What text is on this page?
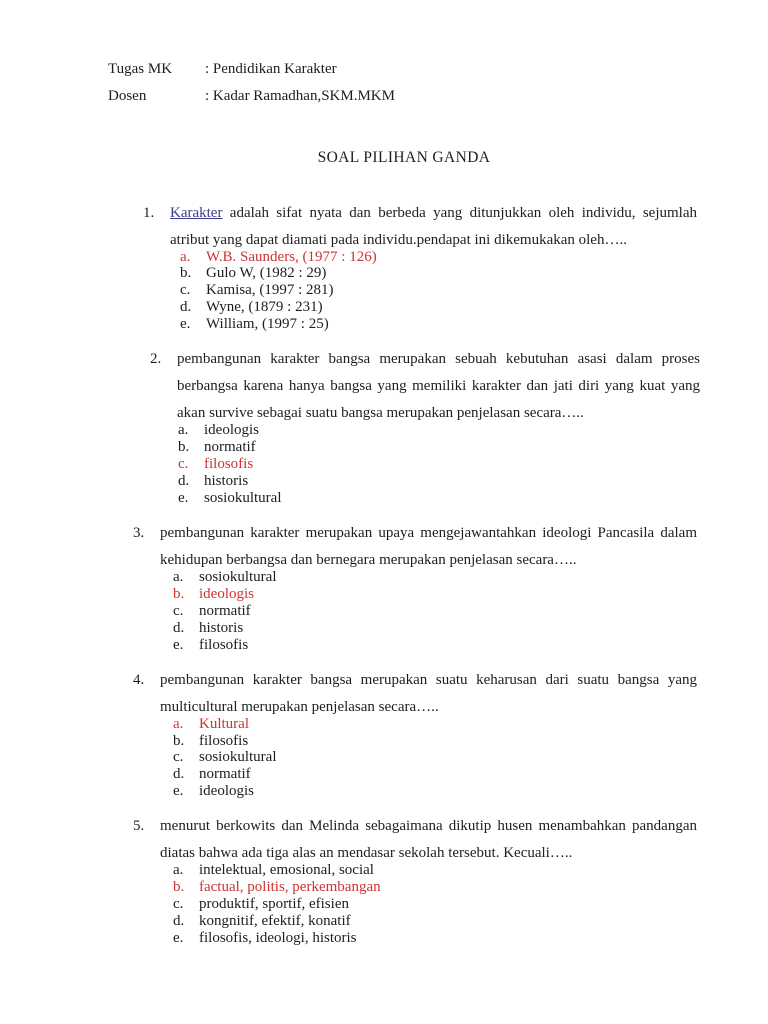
Tugas MK	: Pendidikan Karakter
Dosen	: Kadar Ramadhan,SKM.MKM
SOAL PILIHAN GANDA
1.	Karakter adalah sifat nyata dan berbeda yang ditunjukkan oleh individu, sejumlah atribut yang dapat diamati pada individu.pendapat ini dikemukakan oleh…..

a.	W.B. Saunders, (1977 : 126)
b. Gulo W, (1982 : 29)
c.	Kamisa, (1997 : 281)
d. Wyne, (1879 : 231)
e.	William, (1997 : 25)
2.	pembangunan karakter bangsa merupakan sebuah kebutuhan asasi dalam proses berbangsa karena hanya bangsa yang memiliki karakter dan jati diri yang kuat yang akan survive sebagai suatu bangsa merupakan penjelasan secara…..

a.	ideologis
b. normatif
c.	filosofis
d. historis
e.	sosiokultural
3.	pembangunan karakter merupakan upaya mengejawantahkan ideologi Pancasila dalam kehidupan berbangsa dan bernegara merupakan penjelasan secara…..

a.	sosiokultural
b. ideologis
c.	normatif
d. historis
e.	filosofis
4.	pembangunan karakter bangsa merupakan suatu keharusan dari suatu bangsa yang multicultural merupakan penjelasan secara…..

a.	Kultural
b. filosofis
c.	sosiokultural
d. normatif
e.	ideologis
5.	menurut berkowits dan Melinda sebagaimana dikutip husen menambahkan pandangan diatas bahwa ada tiga alas an mendasar sekolah tersebut. Kecuali…..

a.	intelektual, emosional, social
b. factual, politis, perkembangan
c.	produktif, sportif, efisien
d. kongnitif, efektif, konatif
e.	filosofis, ideologi, historis
